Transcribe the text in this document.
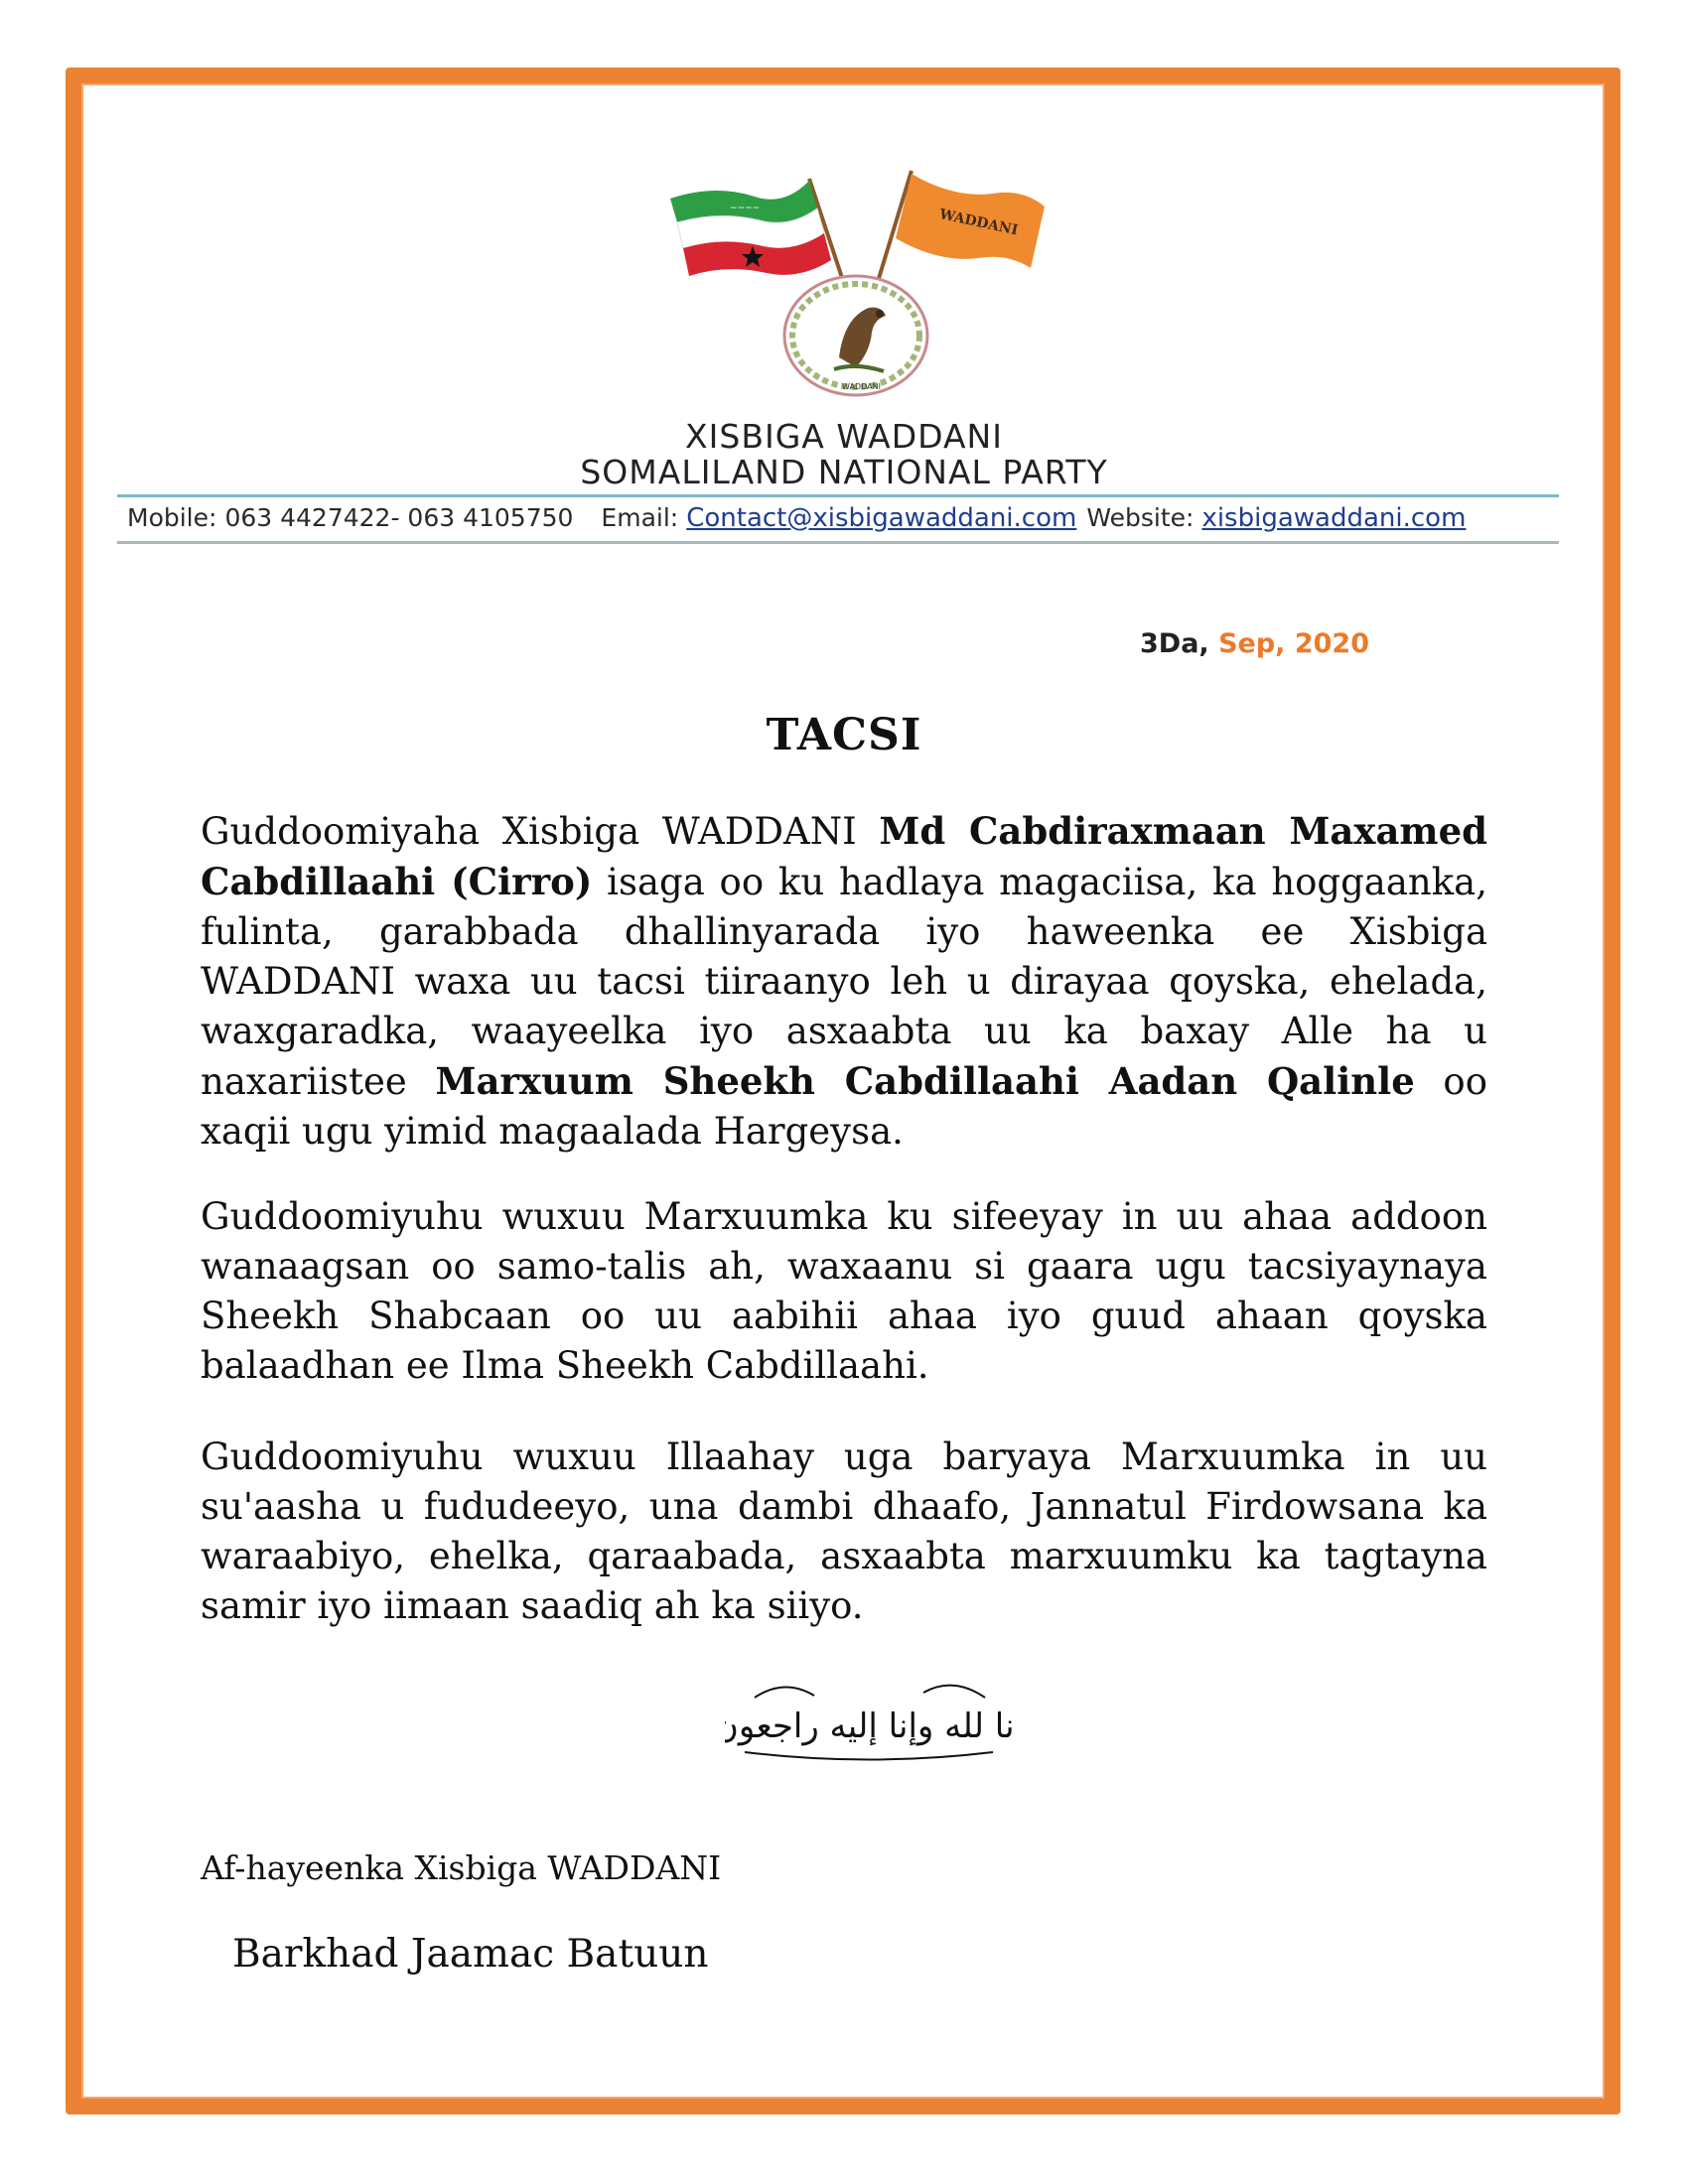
~~~~	WADDANI
WADDANI
XISBIGA WADDANI
SOMALILAND NATIONAL PARTY
Mobile: 063 4427422- 063 4105750 Email: Contact@xisbigawaddani.com Website: xisbigawaddani.com
3Da, Sep, 2020
TACSI

Guddoomiyaha Xisbiga WADDANI Md Cabdiraxmaan Maxamed Cabdillaahi (Cirro) isaga oo ku hadlaya magaciisa, ka hoggaanka, fulinta, garabbada dhallinyarada iyo haweenka ee Xisbiga WADDANI waxa uu tacsi tiiraanyo leh u dirayaa qoyska, ehelada, waxgaradka, waayeelka iyo asxaabta uu ka baxay Alle ha u naxariistee Marxuum Sheekh Cabdillaahi Aadan Qalinle oo xaqii ugu yimid magaalada Hargeysa.

Guddoomiyuhu wuxuu Marxuumka ku sifeeyay in uu ahaa addoon wanaagsan oo samo-talis ah, waxaanu si gaara ugu tacsiyaynaya Sheekh Shabcaan oo uu aabihii ahaa iyo guud ahaan qoyska balaadhan ee Ilma Sheekh Cabdillaahi.

Guddoomiyuhu wuxuu Illaahay uga baryaya Marxuumka in uu su'aasha u fududeeyo, una dambi dhaafo, Jannatul Firdowsana ka waraabiyo, ehelka, qaraabada, asxaabta marxuumku ka tagtayna samir iyo iimaan saadiq ah ka siiyo.

إنا لله وإنا إليه راجعون
Af-hayeenka Xisbiga WADDANI
Barkhad Jaamac Batuun
